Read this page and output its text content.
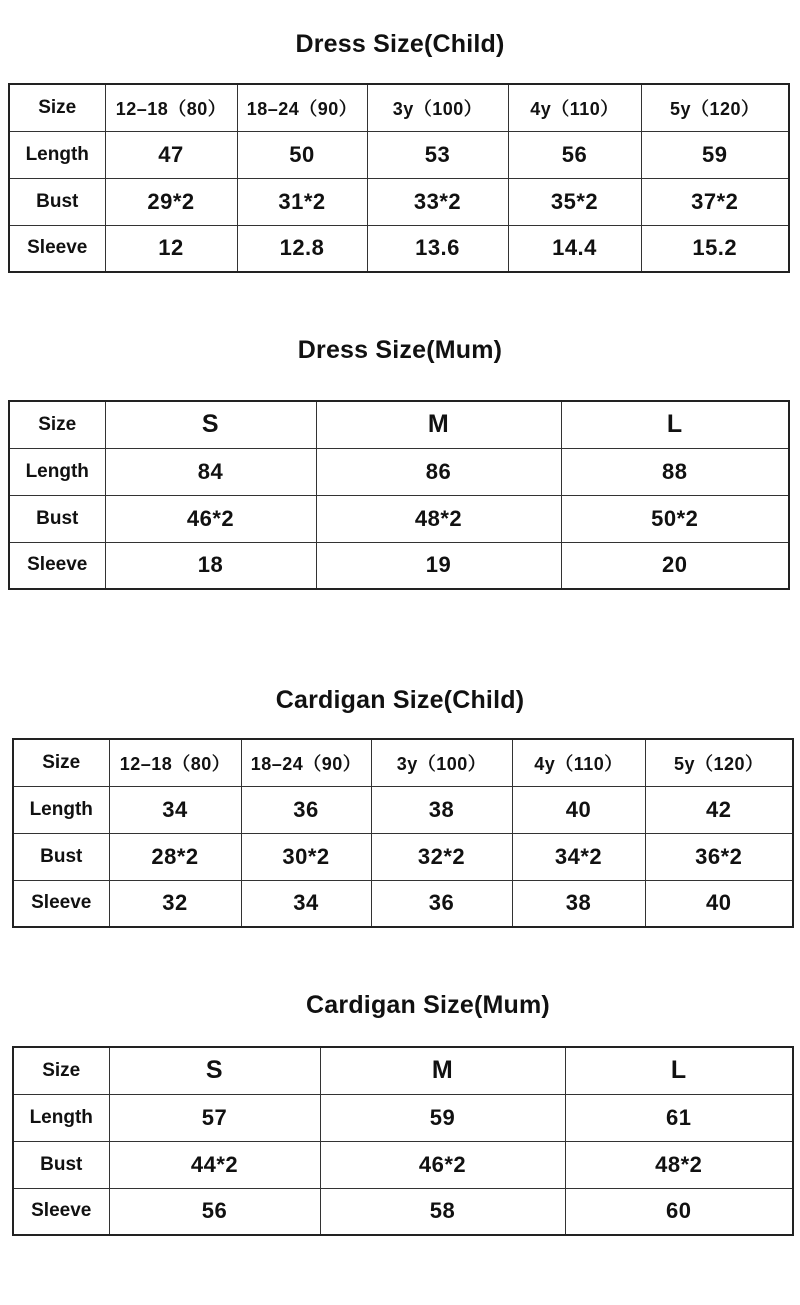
Dress Size(Child)
Size	12–18（80）	18–24（90）	3y（100）	4y（110）	5y（120）
Length	47	50	53	56	59
Bust	29*2	31*2	33*2	35*2	37*2
Sleeve	12	12.8	13.6	14.4	15.2
Dress Size(Mum)
Size	S	M	L
Length	84	86	88
Bust	46*2	48*2	50*2
Sleeve	18	19	20
Cardigan Size(Child)
Size	12–18（80）	18–24（90）	3y（100）	4y（110）	5y（120）
Length	34	36	38	40	42
Bust	28*2	30*2	32*2	34*2	36*2
Sleeve	32	34	36	38	40
Cardigan Size(Mum)
Size	S	M	L
Length	57	59	61
Bust	44*2	46*2	48*2
Sleeve	56	58	60
